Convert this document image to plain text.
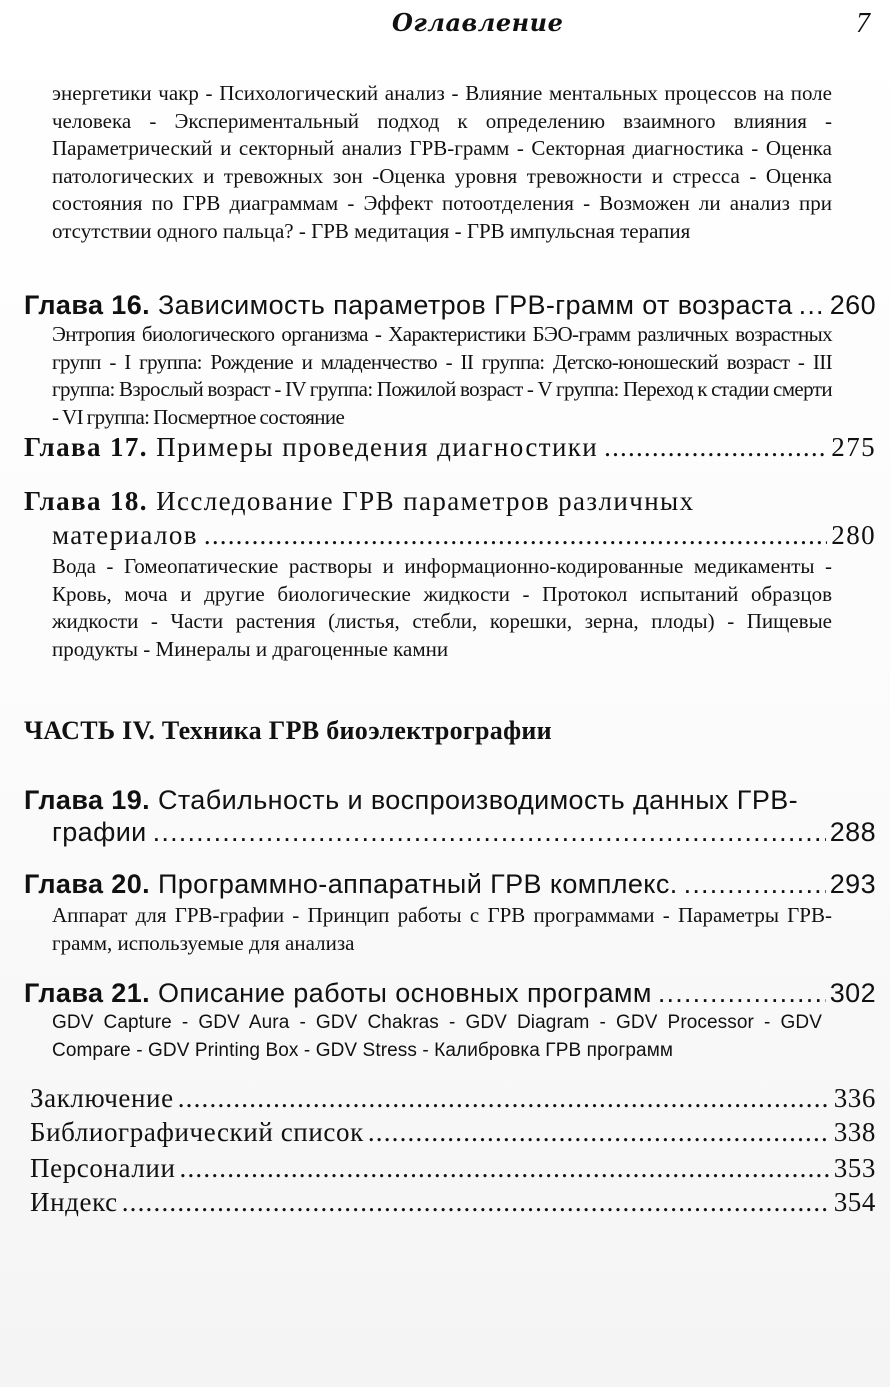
Оглавление	7

энергетики чакр - Психологический анализ - Влияние ментальных процессов на поле человека - Экспериментальный подход к определению взаимного влияния - Параметрический и секторный анализ ГРВ-грамм - Секторная диагностика - Оценка патологических и тревожных зон -Оценка уровня тревожности и стресса - Оценка состояния по ГРВ диаграммам - Эффект потоотделения - Возможен ли анализ при отсутствии одного пальца? - ГРВ медитация - ГРВ импульсная терапия

Глава 16. Зависимость параметров ГРВ-грамм от возраста ..... 260

Энтропия биологического организма - Характеристики БЭО-грамм различных возрастных групп - I группа: Рождение и младенчество - II группа: Детско-юношеский возраст - III группа: Взрослый возраст - IV группа: Пожилой возраст - V группа: Переход к стадии смерти - VI группа: Посмертное состояние

Глава 17. Примеры проведения диагностики .....	275
Глава 18. Исследование ГРВ параметров различных
материалов .....	280

Вода - Гомеопатические растворы и информационно-кодированные медикаменты - Кровь, моча и другие биологические жидкости - Протокол испытаний образцов жидкости - Части растения (листья, стебли, корешки, зерна, плоды) - Пищевые продукты - Минералы и драгоценные камни

ЧАСТЬ IV. Техника ГРВ биоэлектрографии
Глава 19. Стабильность и воспроизводимость данных ГРВ-
графии .....	288
Глава 20. Программно-аппаратный ГРВ комплекс. .....	293

Аппарат для ГРВ-графии - Принцип работы с ГРВ программами - Параметры ГРВ-грамм, используемые для анализа

Глава 21. Описание работы основных программ .....	302

GDV Capture - GDV Aura - GDV Chakras - GDV Diagram - GDV Processor - GDV Compare - GDV Printing Box - GDV Stress - Калибровка ГРВ программ

Заключение .....	336
Библиографический список .....	338
Персоналии .....	353
Индекс .....	354
